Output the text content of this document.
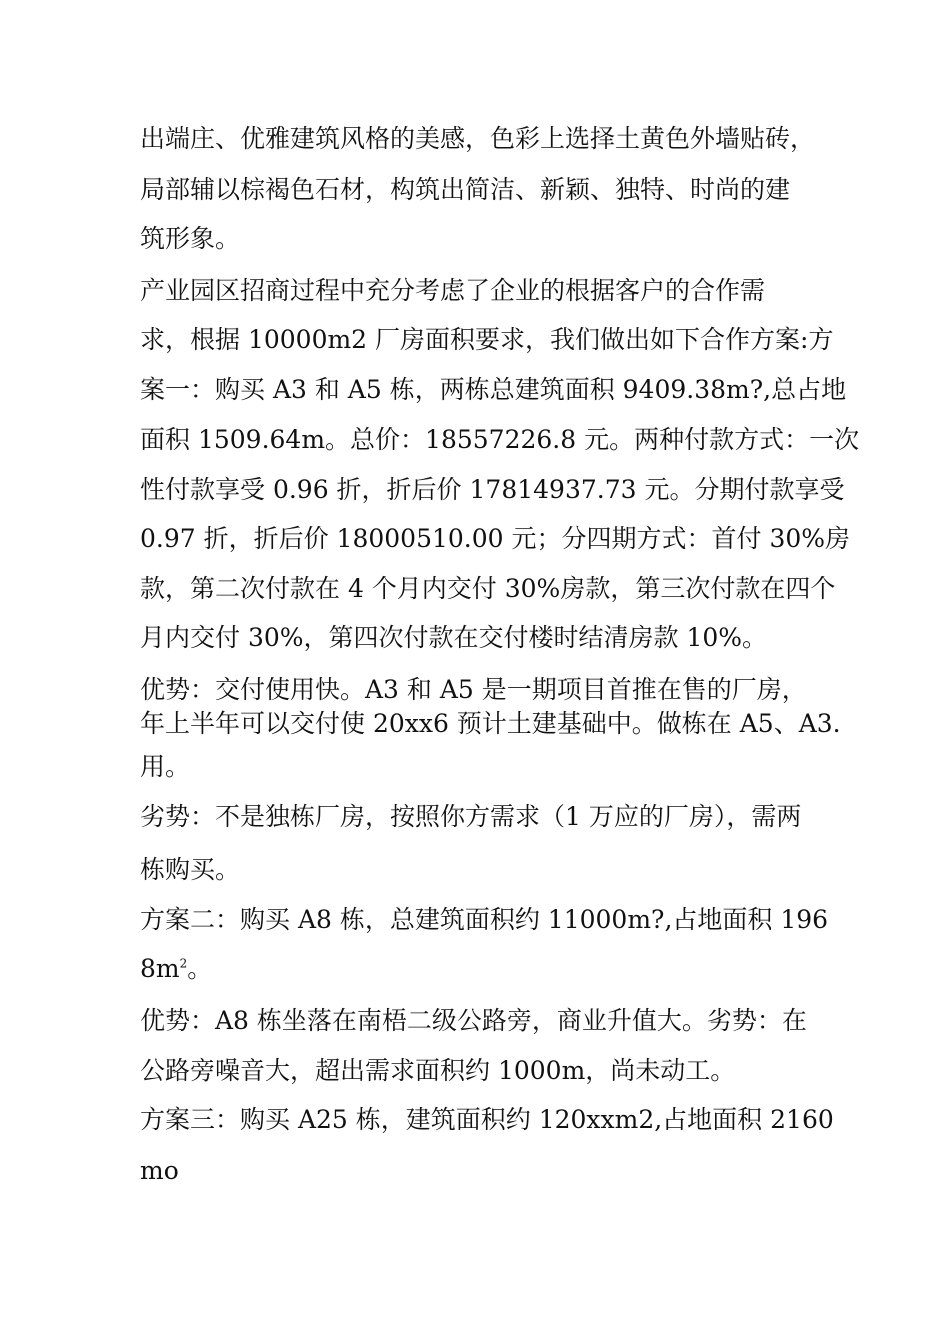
出端庄、优雅建筑风格的美感，色彩上选择土黄色外墙贴砖，
局部辅以棕褐色石材，构筑出简洁、新颖、独特、时尚的建
筑形象。
产业园区招商过程中充分考虑了企业的根据客户的合作需
求，根据 10000m2 厂房面积要求，我们做出如下合作方案:方
案一：购买 A3 和 A5 栋，两栋总建筑面积 9409.38m?,总占地
面积 1509.64m。总价：18557226.8 元。两种付款方式：一次
性付款享受 0.96 折，折后价 17814937.73 元。分期付款享受
0.97 折，折后价 18000510.00 元；分四期方式：首付 30%房
款，第二次付款在 4 个月内交付 30%房款，第三次付款在四个
月内交付 30%，第四次付款在交付楼时结清房款 10%。
优势：交付使用快。A3 和 A5 是一期项目首推在售的厂房，
年上半年可以交付使 20xx6 预计土建基础中。做栋在 A5、A3.
用。
劣势：不是独栋厂房，按照你方需求（1 万应的厂房），需两
栋购买。
方案二：购买 A8 栋，总建筑面积约 11000m?,占地面积 196
$8m^2$。
优势：A8 栋坐落在南梧二级公路旁，商业升值大。劣势：在
公路旁噪音大，超出需求面积约 1000m，尚未动工。
方案三：购买 A25 栋，建筑面积约 120xxm2,占地面积 2160
mo
